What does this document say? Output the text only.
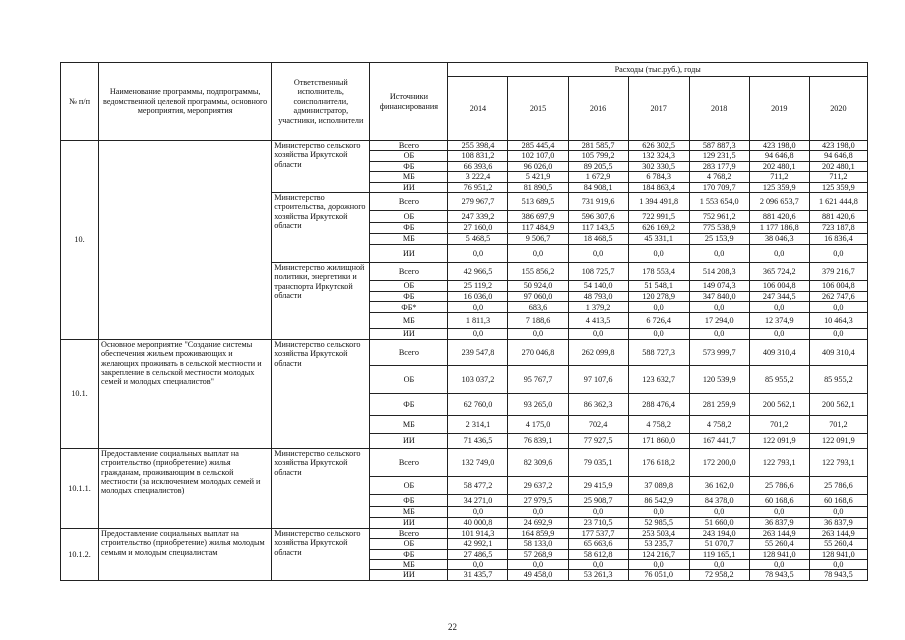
№ п/п	Наименование программы, подпрограммы, ведомственной целевой программы, основного мероприятия, мероприятия	Ответственный исполнитель, соисполнители, администратор, участники, исполнители	Источники финансирования	Расходы (тыс.руб.), годы						
				2014	2015	2016	2017	2018	2019	2020
10.		Министерство сельского хозяйства Иркутской области	Всего	255 398,4	285 445,4	281 585,7	626 302,5	587 887,3	423 198,0	423 198,0
			ОБ	108 831,2	102 107,0	105 799,2	132 324,3	129 231,5	94 646,8	94 646,8
			ФБ	66 393,6	96 026,0	89 205,5	302 330,5	283 177,9	202 480,1	202 480,1
			МБ	3 222,4	5 421,9	1 672,9	6 784,3	4 768,2	711,2	711,2
			ИИ	76 951,2	81 890,5	84 908,1	184 863,4	170 709,7	125 359,9	125 359,9
		Министерство строительства, дорожного хозяйства Иркутской области	Всего	279 967,7	513 689,5	731 919,6	1 394 491,8	1 553 654,0	2 096 653,7	1 621 444,8
			ОБ	247 339,2	386 697,9	596 307,6	722 991,5	752 961,2	881 420,6	881 420,6
			ФБ	27 160,0	117 484,9	117 143,5	626 169,2	775 538,9	1 177 186,8	723 187,8
			МБ	5 468,5	9 506,7	18 468,5	45 331,1	25 153,9	38 046,3	16 836,4
			ИИ	0,0	0,0	0,0	0,0	0,0	0,0	0,0
		Министерство жилищной политики, энергетики и транспорта Иркутской области	Всего	42 966,5	155 856,2	108 725,7	178 553,4	514 208,3	365 724,2	379 216,7
			ОБ	25 119,2	50 924,0	54 140,0	51 548,1	149 074,3	106 004,8	106 004,8
			ФБ	16 036,0	97 060,0	48 793,0	120 278,9	347 840,0	247 344,5	262 747,6
			ФБ*	0,0	683,6	1 379,2	0,0	0,0	0,0	0,0
			МБ	1 811,3	7 188,6	4 413,5	6 726,4	17 294,0	12 374,9	10 464,3
			ИИ	0,0	0,0	0,0	0,0	0,0	0,0	0,0
10.1.	Основное мероприятие "Создание системы обеспечения жильем проживающих и желающих проживать в сельской местности и закрепление в сельской местности молодых семей и молодых специалистов"	Министерство сельского хозяйства Иркутской области	Всего	239 547,8	270 046,8	262 099,8	588 727,3	573 999,7	409 310,4	409 310,4
			ОБ	103 037,2	95 767,7	97 107,6	123 632,7	120 539,9	85 955,2	85 955,2
			ФБ	62 760,0	93 265,0	86 362,3	288 476,4	281 259,9	200 562,1	200 562,1
			МБ	2 314,1	4 175,0	702,4	4 758,2	4 758,2	701,2	701,2
			ИИ	71 436,5	76 839,1	77 927,5	171 860,0	167 441,7	122 091,9	122 091,9
10.1.1.	Предоставление социальных выплат на строительство (приобретение) жилья гражданам, проживающим в сельской местности (за исключением молодых семей и молодых специалистов)	Министерство сельского хозяйства Иркутской области	Всего	132 749,0	82 309,6	79 035,1	176 618,2	172 200,0	122 793,1	122 793,1
			ОБ	58 477,2	29 637,2	29 415,9	37 089,8	36 162,0	25 786,6	25 786,6
			ФБ	34 271,0	27 979,5	25 908,7	86 542,9	84 378,0	60 168,6	60 168,6
			МБ	0,0	0,0	0,0	0,0	0,0	0,0	0,0
			ИИ	40 000,8	24 692,9	23 710,5	52 985,5	51 660,0	36 837,9	36 837,9
10.1.2.	Предоставление социальных выплат на строительство (приобретение) жилья молодым семьям и молодым специалистам	Министерство сельского хозяйства Иркутской области	Всего	101 914,3	164 859,9	177 537,7	253 503,4	243 194,0	263 144,9	263 144,9
			ОБ	42 992,1	58 133,0	65 663,6	53 235,7	51 070,7	55 260,4	55 260,4
			ФБ	27 486,5	57 268,9	58 612,8	124 216,7	119 165,1	128 941,0	128 941,0
			МБ	0,0	0,0	0,0	0,0	0,0	0,0	0,0
			ИИ	31 435,7	49 458,0	53 261,3	76 051,0	72 958,2	78 943,5	78 943,5
22
